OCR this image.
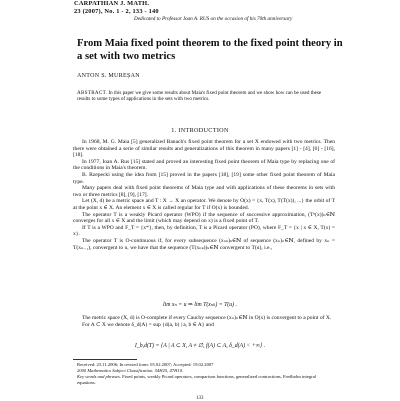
CARPATHIAN J. MATH.
23 (2007), No. 1 - 2, 133 - 140
Dedicated to Professor Ioan A. RUS on the occasion of his 70th anniversary
From Maia fixed point theorem to the fixed point theory in a set with two metrics
ANTON S. MUREȘAN
ABSTRACT. In this paper we give some results about Maia's fixed point theorem and we show how can be used these results to some types of applications in the sets with two metrics.
1. INTRODUCTION

In 1968, M. G. Maia [5] generalized Banach's fixed point theorem for a set X endowed with two metrics. Then there were obtained a serie of similar results and generalizations of this theorem in many papers [1] - [4], [6] - [16], [18].

In 1977, Ioan A. Rus [15] stated and proved an interesting fixed point theorem of Maia type by replacing one of the conditions in Maia's theorem.

B. Rzepecki using the idea from [15] proved in the papers [18], [19] some other fixed point theorem of Maia type.

Many papers deal with fixed point theorems of Maia type and with applications of these theorems in sets with two or three metrics [8], [9], [17].

Let (X, d) be a metric space and T : X → X an operator. We denote by O(x) = {x, T(x), T(T(x)), ...} the orbit of T at the point x ∈ X. An element x ∈ X is called regular for T if O(x) is bounded.

The operator T is a weakly Picard operator (WPO) if the sequence of successive approximation, (Tⁿ(x))ₙ∈ℕ converges for all x ∈ X and the limit (which may depend on x) is a fixed point of T.

If T is a WPO and F_T = {x*}, then, by definition, T is a Picard operator (PO), where F_T = {x | x ∈ X, T(x) = x}.

The operator T is O-continuous if, for every subsequence (xₙₖ)ₖ∈ℕ of sequence (xₙ)ₙ∈ℕ, defined by xₙ = T(xₙ₋₁), convergent to u, we have that the sequence (T(xₙₖ))ₖ∈ℕ convergent to T(u), i.e.,

lim xₙ = u ⇒ lim T(xₙₖ) = T(u) .

The metric space (X, d) is O-complete if every Cauchy sequence (xₙ)ₙ∈ℕ in O(x) is convergent to a point of X.

For A ⊂ X we denote δ_d(A) = sup {d(a, b) | a, b ∈ A} and

I_b,d(T) = {A | A ⊂ X, A ≠ ∅, f(A) ⊂ A, δ_d(A) < +∞} .
Received: 23.11.2006; In revised form: 05.02.2007; Accepted: 19.02.2007
2000 Mathematics Subject Classification. 54H25, 47H10.
Key words and phrases. Fixed points, weakly Picard operators, comparison functions, generalized contractions, Fredholm integral equations.
133
